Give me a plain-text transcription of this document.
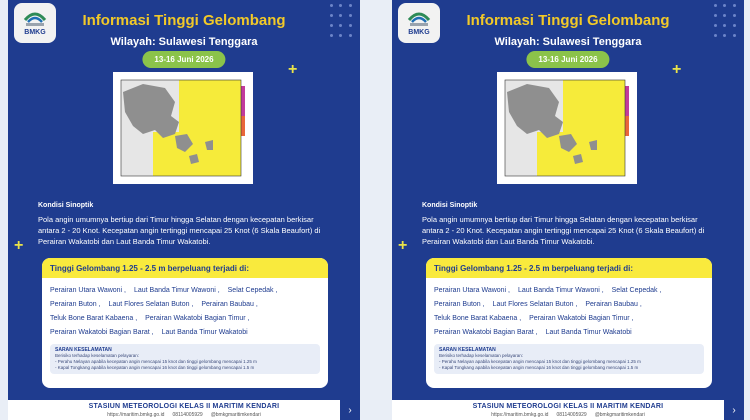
+
+
BMKG
Informasi Tinggi Gelombang
Wilayah: Sulawesi Tenggara
13-16 Juni 2026
Kondisi Sinoptik
Pola angin umumnya bertiup dari Timur hingga Selatan dengan kecepatan berkisar antara 2 - 20 Knot. Kecepatan angin tertinggi mencapai 25 Knot (6 Skala Beaufort) di Perairan Wakatobi dan Laut Banda Timur Wakatobi.
Tinggi Gelombang 1.25 - 2.5 m berpeluang terjadi di:
Perairan Utara Wawoni , Laut Banda Timur Wawoni , Selat Cepedak ,
Perairan Buton , Laut Flores Selatan Buton , Perairan Baubau ,
Teluk Bone Barat Kabaena , Perairan Wakatobi Bagian Timur ,
Perairan Wakatobi Bagian Barat , Laut Banda Timur Wakatobi
SARAN KESELAMATAN
Berisiko terhadap keselamatan pelayaran:
- Perahu Nelayan apabila kecepatan angin mencapai 15 knot dan tinggi gelombang mencapai 1.25 m
- Kapal Tongkang apabila kecepatan angin mencapai 16 knot dan tinggi gelombang mencapai 1.5 m
STASIUN METEOROLOGI KELAS II MARITIM KENDARI
https://maritim.bmkg.go.id 08114005929 @bmkgmaritimkendari	›
+
+
BMKG
Informasi Tinggi Gelombang
Wilayah: Sulawesi Tenggara
13-16 Juni 2026
Kondisi Sinoptik
Pola angin umumnya bertiup dari Timur hingga Selatan dengan kecepatan berkisar antara 2 - 20 Knot. Kecepatan angin tertinggi mencapai 25 Knot (6 Skala Beaufort) di Perairan Wakatobi dan Laut Banda Timur Wakatobi.
Tinggi Gelombang 1.25 - 2.5 m berpeluang terjadi di:
Perairan Utara Wawoni , Laut Banda Timur Wawoni , Selat Cepedak ,
Perairan Buton , Laut Flores Selatan Buton , Perairan Baubau ,
Teluk Bone Barat Kabaena , Perairan Wakatobi Bagian Timur ,
Perairan Wakatobi Bagian Barat , Laut Banda Timur Wakatobi
SARAN KESELAMATAN
Berisiko terhadap keselamatan pelayaran:
- Perahu Nelayan apabila kecepatan angin mencapai 15 knot dan tinggi gelombang mencapai 1.25 m
- Kapal Tongkang apabila kecepatan angin mencapai 16 knot dan tinggi gelombang mencapai 1.5 m
STASIUN METEOROLOGI KELAS II MARITIM KENDARI
https://maritim.bmkg.go.id 08114005929 @bmkgmaritimkendari	›
